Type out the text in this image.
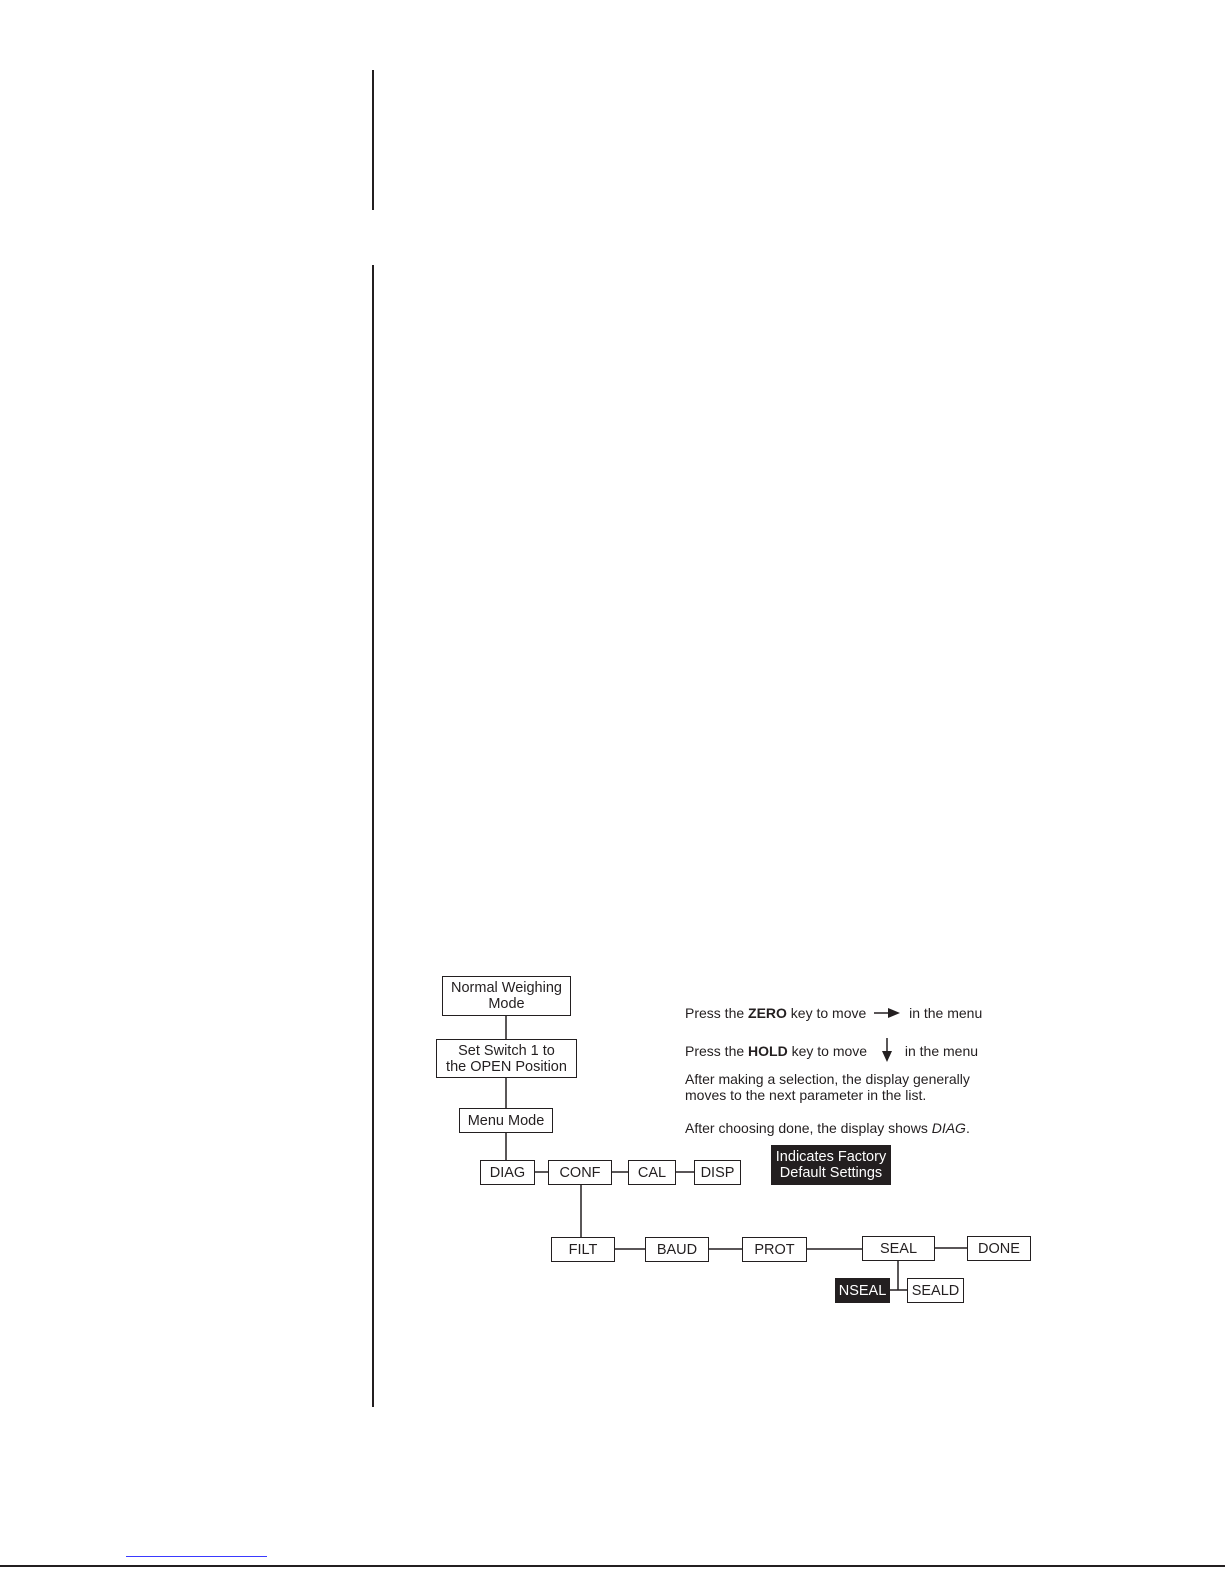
Normal Weighing
Mode
Set Switch 1 to
the OPEN Position
Menu Mode
DIAG	CONF	CAL	DISP
FILT	BAUD	PROT	SEAL	DONE
NSEAL	SEALD
Press the ZERO key to move	in the menu
Press the HOLD key to move	in the menu
After making a selection, the display generally
moves to the next parameter in the list.
After choosing done, the display shows DIAG.
Indicates Factory
Default Settings
